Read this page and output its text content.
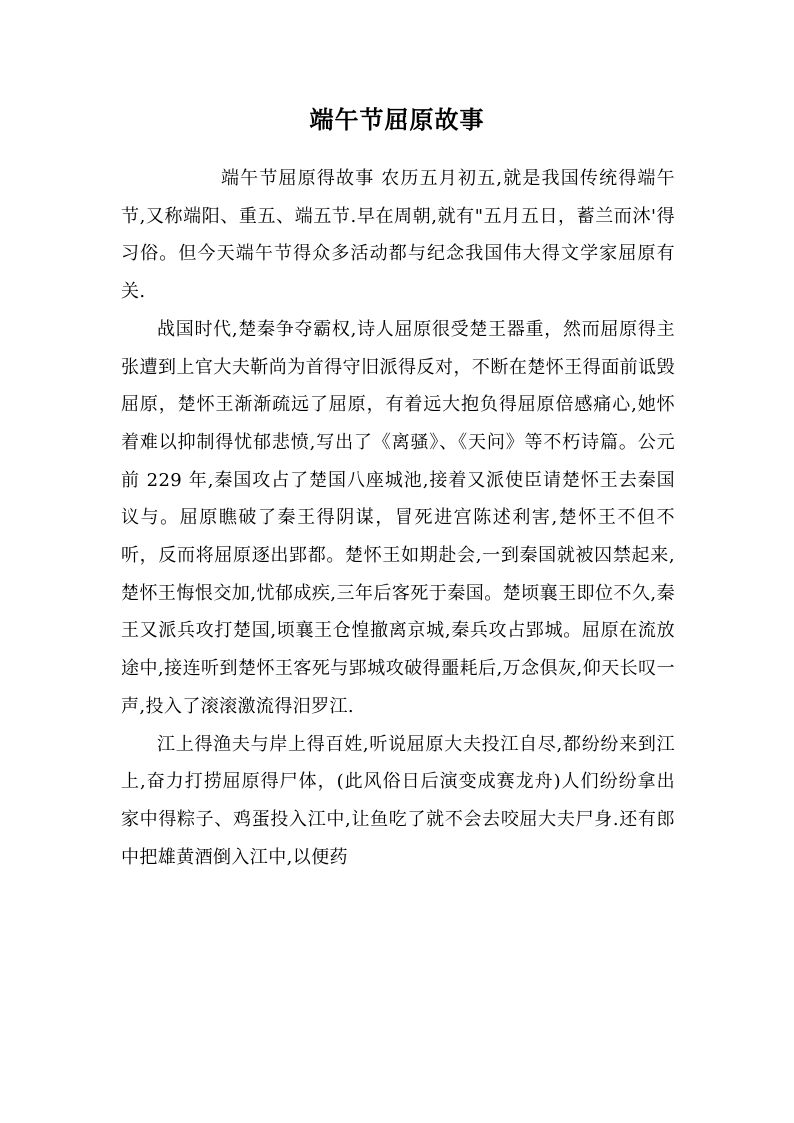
端午节屈原故事

端午节屈原得故事 农历五月初五,就是我国传统得端午节,又称端阳、重五、端五节.早在周朝,就有"五月五日，蓄兰而沐'得习俗。但今天端午节得众多活动都与纪念我国伟大得文学家屈原有关.

战国时代,楚秦争夺霸权,诗人屈原很受楚王器重，然而屈原得主张遭到上官大夫靳尚为首得守旧派得反对，不断在楚怀王得面前诋毁屈原，楚怀王渐渐疏远了屈原，有着远大抱负得屈原倍感痛心,她怀着难以抑制得忧郁悲愤,写出了《离骚》、《天问》等不朽诗篇。公元前 229 年,秦国攻占了楚国八座城池,接着又派使臣请楚怀王去秦国议与。屈原瞧破了秦王得阴谋，冒死进宫陈述利害,楚怀王不但不听，反而将屈原逐出郢都。楚怀王如期赴会,一到秦国就被囚禁起来,楚怀王悔恨交加,忧郁成疾,三年后客死于秦国。楚顷襄王即位不久,秦王又派兵攻打楚国,顷襄王仓惶撤离京城,秦兵攻占郢城。屈原在流放途中,接连听到楚怀王客死与郢城攻破得噩耗后,万念俱灰,仰天长叹一声,投入了滚滚激流得汨罗江.

江上得渔夫与岸上得百姓,听说屈原大夫投江自尽,都纷纷来到江上,奋力打捞屈原得尸体，(此风俗日后演变成赛龙舟)人们纷纷拿出家中得粽子、鸡蛋投入江中,让鱼吃了就不会去咬屈大夫尸身.还有郎中把雄黄酒倒入江中,以便药
